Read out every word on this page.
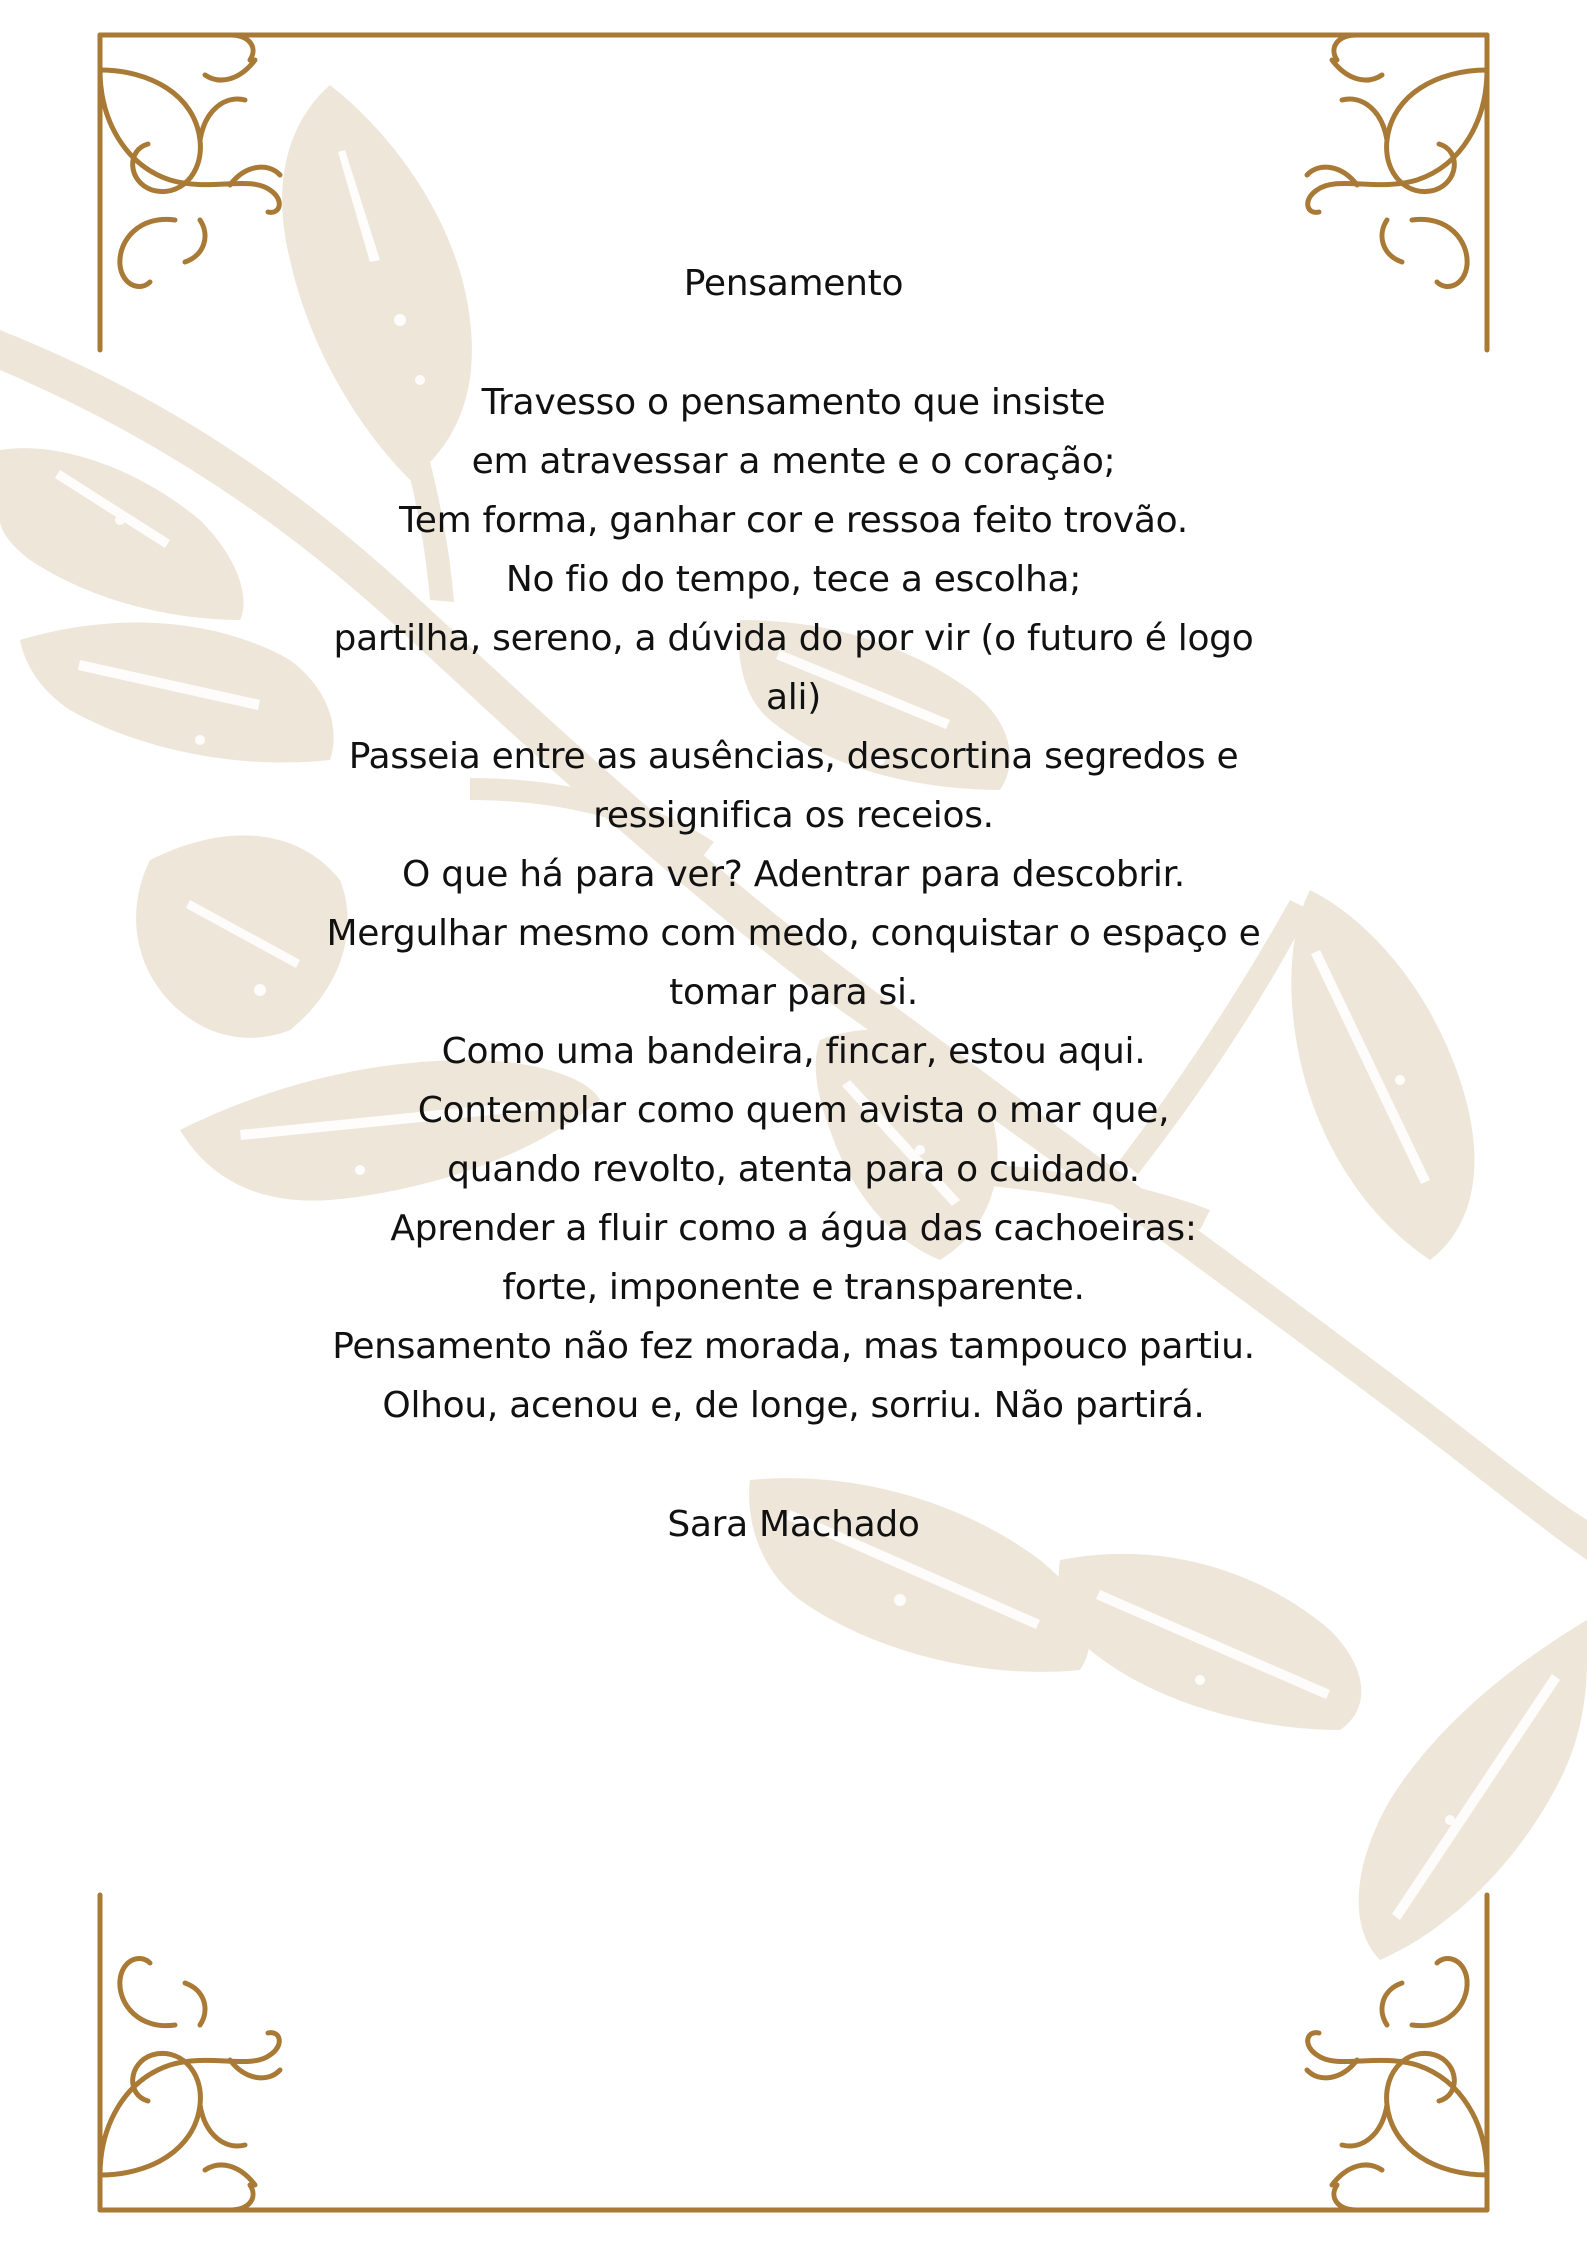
Pensamento
Travesso o pensamento que insiste
em atravessar a mente e o coração;
Tem forma, ganhar cor e ressoa feito trovão.
No fio do tempo, tece a escolha;
partilha, sereno, a dúvida do por vir (o futuro é logo
ali)
Passeia entre as ausências, descortina segredos e
ressignifica os receios.
O que há para ver? Adentrar para descobrir.
Mergulhar mesmo com medo, conquistar o espaço e
tomar para si.
Como uma bandeira, fincar, estou aqui.
Contemplar como quem avista o mar que,
quando revolto, atenta para o cuidado.
Aprender a fluir como a água das cachoeiras:
forte, imponente e transparente.
Pensamento não fez morada, mas tampouco partiu.
Olhou, acenou e, de longe, sorriu. Não partirá.
Sara Machado
